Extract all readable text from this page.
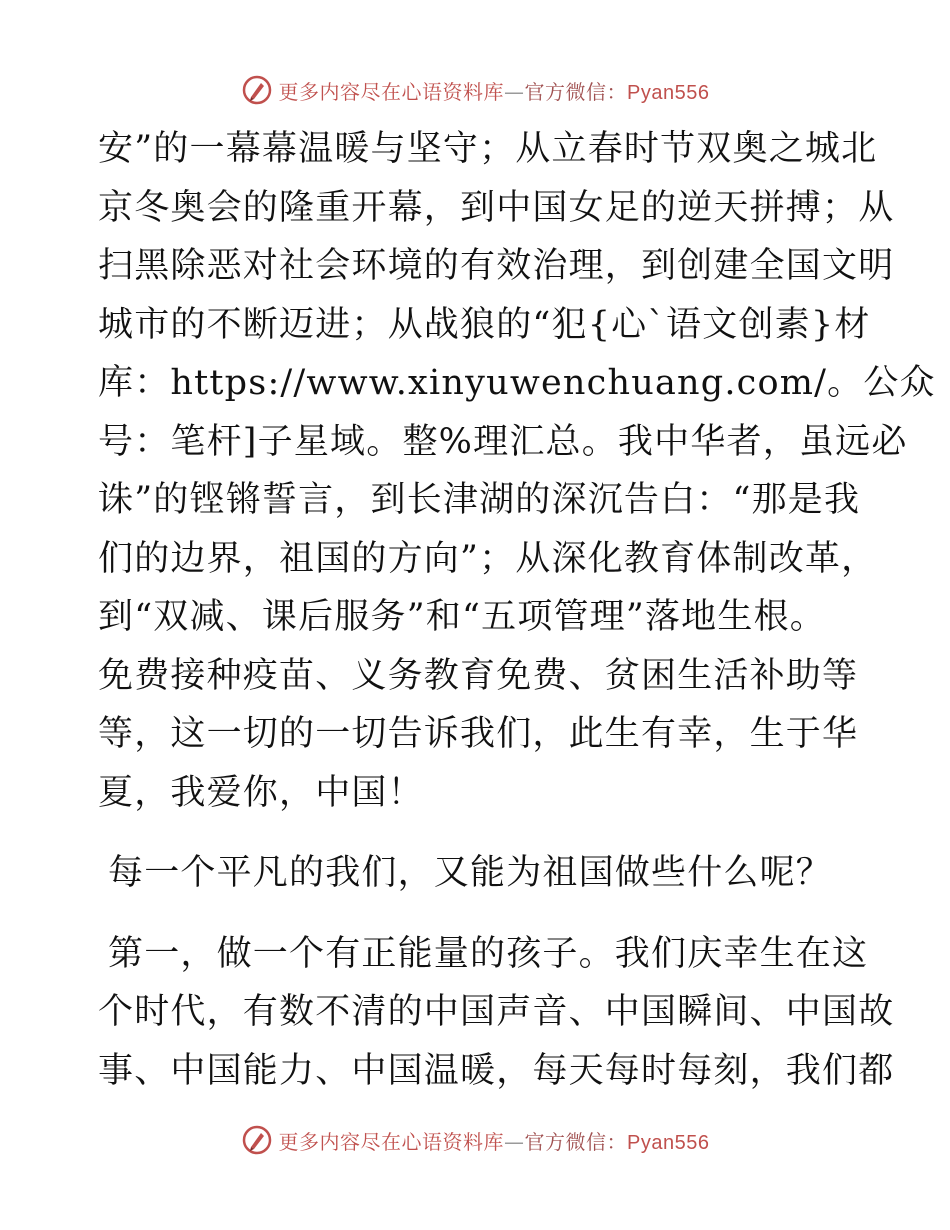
更多内容尽在心语资料库—官方微信：Pyan556
安”的一幕幕温暖与坚守；从立春时节双奥之城北
京冬奥会的隆重开幕，到中国女足的逆天拼搏；从
扫黑除恶对社会环境的有效治理，到创建全国文明
城市的不断迈进；从战狼的“犯{心`语文创素}材
库：https://www.xinyuwenchuang.com/。公众
号：笔杆]子星域。整%理汇总。我中华者，虽远必
诛”的铿锵誓言，到长津湖的深沉告白：“那是我
们的边界，祖国的方向”；从深化教育体制改革，
到“双减、课后服务”和“五项管理”落地生根。
免费接种疫苗、义务教育免费、贫困生活补助等
等，这一切的一切告诉我们，此生有幸，生于华
夏，我爱你，中国！
每一个平凡的我们，又能为祖国做些什么呢？
第一，做一个有正能量的孩子。我们庆幸生在这
个时代，有数不清的中国声音、中国瞬间、中国故
事、中国能力、中国温暖，每天每时每刻，我们都
更多内容尽在心语资料库—官方微信：Pyan556
